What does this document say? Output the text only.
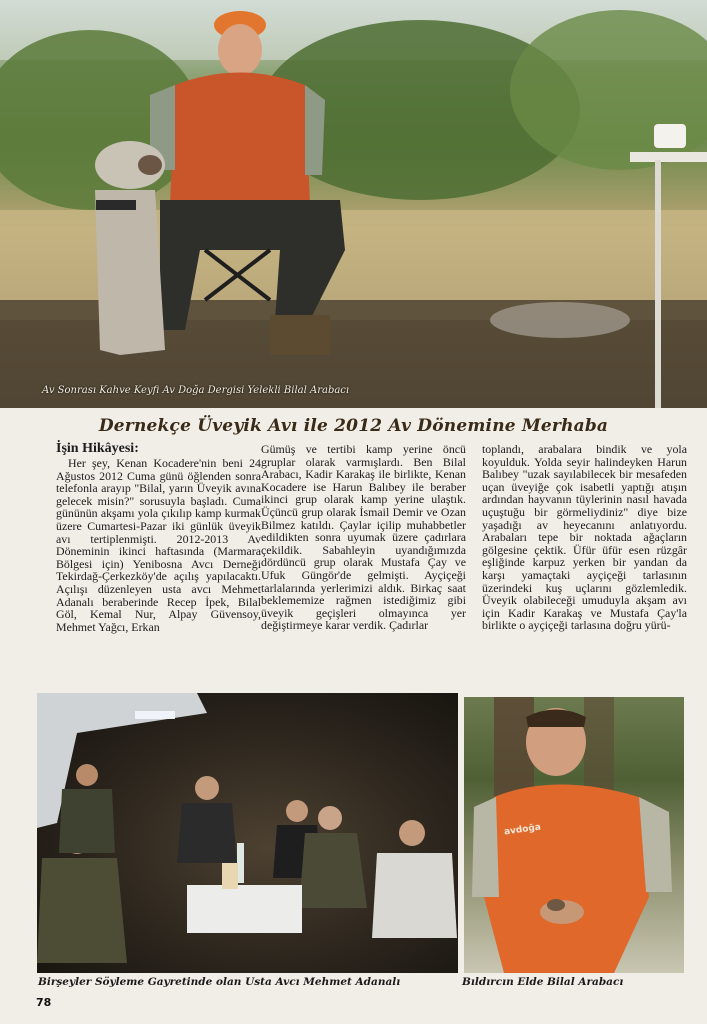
Av Sonrası Kahve Keyfi Av Doğa Dergisi Yelekli Bilal Arabacı
Dernekçe Üveyik Avı ile 2012 Av Dönemine Merhaba

İşin Hikâyesi:

Her şey, Kenan Kocadere'nin beni 24 Ağustos 2012 Cuma günü öğlenden sonra telefonla arayıp "Bilal, yarın Üveyik avına gelecek misin?" sorusuyla başladı. Cuma gününün akşamı yola çıkılıp kamp kurmak üzere Cumartesi-Pazar iki günlük üveyik avı tertiplenmişti. 2012-2013 Av Döneminin ikinci haftasında (Marmara Bölgesi için) Yenibosna Avcı Derneği Tekirdağ-Çerkezköy'de açılış yapılacaktı. Açılışı düzenleyen usta avcı Mehmet Adanalı beraberinde Recep İpek, Bilal Göl, Kemal Nur, Alpay Güvensoy, Mehmet Yağcı, Erkan

Gümüş ve tertibi kamp yerine öncü gruplar olarak varmışlardı. Ben Bilal Arabacı, Kadir Karakaş ile birlikte, Kenan Kocadere ise Harun Balıbey ile beraber ikinci grup olarak kamp yerine ulaştık. Üçüncü grup olarak İsmail Demir ve Ozan Bilmez katıldı. Çaylar içilip muhabbetler edildikten sonra uyumak üzere çadırlara çekildik. Sabahleyin uyandığımızda dördüncü grup olarak Mustafa Çay ve Ufuk Güngör'de gelmişti. Ayçiçeği tarlalarında yerlerimizi aldık. Birkaç saat beklememize rağmen istediğimiz gibi üveyik geçişleri olmayınca yer değiştirmeye karar verdik. Çadırlar

toplandı, arabalara bindik ve yola koyulduk. Yolda seyir halindeyken Harun Balıbey "uzak sayılabilecek bir mesafeden uçan üveyiğe çok isabetli yaptığı atışın ardından hayvanın tüylerinin nasıl havada uçuştuğu bir görmeliydiniz" diye bize yaşadığı av heyecanını anlatıyordu. Arabaları tepe bir noktada ağaçların gölgesine çektik. Üfür üfür esen rüzgâr eşliğinde karpuz yerken bir yandan da karşı yamaçtaki ayçiçeği tarlasının üzerindeki kuş uçlarını gözlemledik. Üveyik olabileceği umuduyla akşam avı için Kadir Karakaş ve Mustafa Çay'la birlikte o ayçiçeği tarlasına doğru yürü-

Birşeyler Söyleme Gayretinde olan Usta Avcı Mehmet Adanalı
avdoğa
Bıldırcın Elde Bilal Arabacı
78
